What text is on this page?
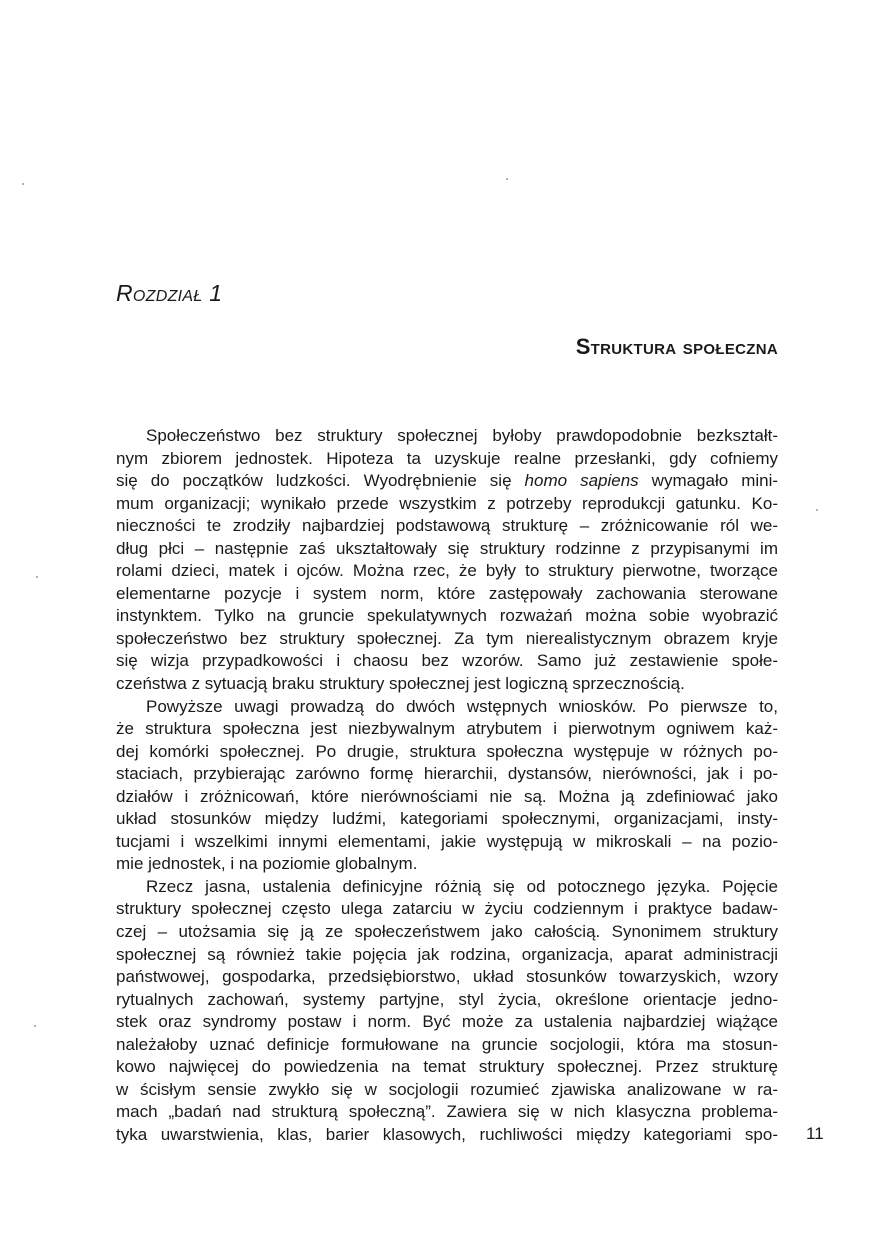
Rozdział 1
Struktura społeczna
Społeczeństwo bez struktury społecznej byłoby prawdopodobnie bezkształt-
nym zbiorem jednostek. Hipoteza ta uzyskuje realne przesłanki, gdy cofniemy
się do początków ludzkości. Wyodrębnienie się homo sapiens wymagało mini-
mum organizacji; wynikało przede wszystkim z potrzeby reprodukcji gatunku. Ko-
nieczności te zrodziły najbardziej podstawową strukturę – zróżnicowanie ról we-
dług płci – następnie zaś ukształtowały się struktury rodzinne z przypisanymi im
rolami dzieci, matek i ojców. Można rzec, że były to struktury pierwotne, tworzące
elementarne pozycje i system norm, które zastępowały zachowania sterowane
instynktem. Tylko na gruncie spekulatywnych rozważań można sobie wyobrazić
społeczeństwo bez struktury społecznej. Za tym nierealistycznym obrazem kryje
się wizja przypadkowości i chaosu bez wzorów. Samo już zestawienie społe-
czeństwa z sytuacją braku struktury społecznej jest logiczną sprzecznością.
Powyższe uwagi prowadzą do dwóch wstępnych wniosków. Po pierwsze to,
że struktura społeczna jest niezbywalnym atrybutem i pierwotnym ogniwem każ-
dej komórki społecznej. Po drugie, struktura społeczna występuje w różnych po-
staciach, przybierając zarówno formę hierarchii, dystansów, nierówności, jak i po-
działów i zróżnicowań, które nierównościami nie są. Można ją zdefiniować jako
układ stosunków między ludźmi, kategoriami społecznymi, organizacjami, insty-
tucjami i wszelkimi innymi elementami, jakie występują w mikroskali – na pozio-
mie jednostek, i na poziomie globalnym.
Rzecz jasna, ustalenia definicyjne różnią się od potocznego języka. Pojęcie
struktury społecznej często ulega zatarciu w życiu codziennym i praktyce badaw-
czej – utożsamia się ją ze społeczeństwem jako całością. Synonimem struktury
społecznej są również takie pojęcia jak rodzina, organizacja, aparat administracji
państwowej, gospodarka, przedsiębiorstwo, układ stosunków towarzyskich, wzory
rytualnych zachowań, systemy partyjne, styl życia, określone orientacje jedno-
stek oraz syndromy postaw i norm. Być może za ustalenia najbardziej wiążące
należałoby uznać definicje formułowane na gruncie socjologii, która ma stosun-
kowo najwięcej do powiedzenia na temat struktury społecznej. Przez strukturę
w ścisłym sensie zwykło się w socjologii rozumieć zjawiska analizowane w ra-
mach „badań nad strukturą społeczną”. Zawiera się w nich klasyczna problema-
tyka uwarstwienia, klas, barier klasowych, ruchliwości między kategoriami spo- 11
